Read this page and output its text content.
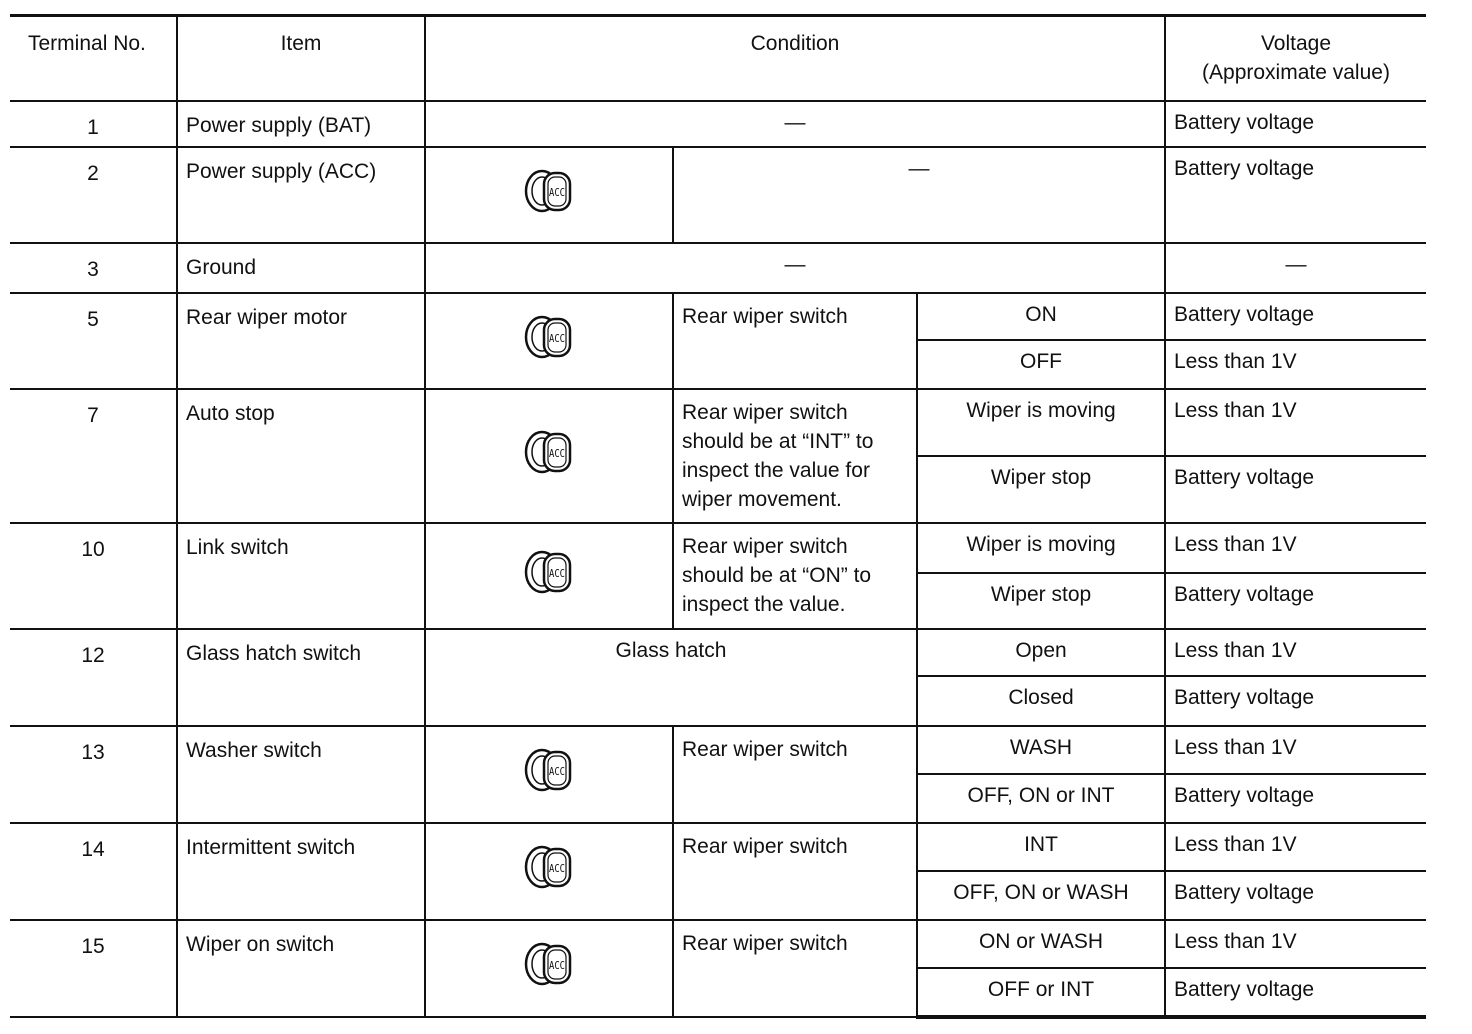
Terminal No.	Item	Condition			Voltage
(Approximate value)

1	Power supply (BAT)	—			Battery voltage
2	Power supply (ACC)	ACC	—		Battery voltage
3	Ground	—			—
5	Rear wiper motor	ACC	Rear wiper switch	ON	Battery voltage
				OFF	Less than 1V
7	Auto stop	ACC	Rear wiper switch should be at “INT” to inspect the value for wiper movement.	Wiper is moving	Less than 1V
				Wiper stop	Battery voltage
10	Link switch	ACC	Rear wiper switch should be at “ON” to inspect the value.	Wiper is moving	Less than 1V
				Wiper stop	Battery voltage
12	Glass hatch switch	Glass hatch		Open	Less than 1V
				Closed	Battery voltage
13	Washer switch	ACC	Rear wiper switch	WASH	Less than 1V
				OFF, ON or INT	Battery voltage
14	Intermittent switch	ACC	Rear wiper switch	INT	Less than 1V
				OFF, ON or WASH	Battery voltage
15	Wiper on switch	ACC	Rear wiper switch	ON or WASH	Less than 1V
				OFF or INT	Battery voltage
